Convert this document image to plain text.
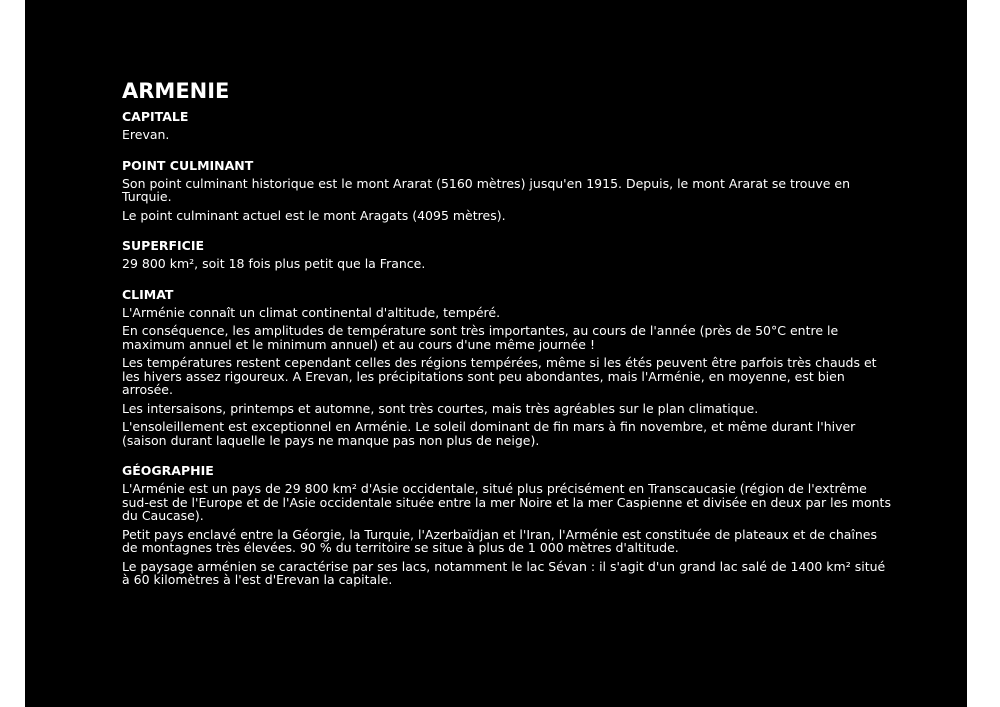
ARMENIE
CAPITALE

Erevan.

POINT CULMINANT

Son point culminant historique est le mont Ararat (5160 mètres) jusqu'en 1915. Depuis, le mont Ararat se trouve en Turquie.

Le point culminant actuel est le mont Aragats (4095 mètres).

SUPERFICIE

29 800 km², soit 18 fois plus petit que la France.

CLIMAT

L'Arménie connaît un climat continental d'altitude, tempéré.

En conséquence, les amplitudes de température sont très importantes, au cours de l'année (près de 50°C entre le maximum annuel et le minimum annuel) et au cours d'une même journée !

Les températures restent cependant celles des régions tempérées, même si les étés peuvent être parfois très chauds et les hivers assez rigoureux. A Erevan, les précipitations sont peu abondantes, mais l'Arménie, en moyenne, est bien arrosée.

Les intersaisons, printemps et automne, sont très courtes, mais très agréables sur le plan climatique.

L'ensoleillement est exceptionnel en Arménie. Le soleil dominant de fin mars à fin novembre, et même durant l'hiver (saison durant laquelle le pays ne manque pas non plus de neige).

GÉOGRAPHIE

L'Arménie est un pays de 29 800 km² d'Asie occidentale, situé plus précisément en Transcaucasie (région de l'extrême sud-est de l'Europe et de l'Asie occidentale située entre la mer Noire et la mer Caspienne et divisée en deux par les monts du Caucase).

Petit pays enclavé entre la Géorgie, la Turquie, l'Azerbaïdjan et l'Iran, l'Arménie est constituée de plateaux et de chaînes de montagnes très élevées. 90 % du territoire se situe à plus de 1 000 mètres d'altitude.

Le paysage arménien se caractérise par ses lacs, notamment le lac Sévan : il s'agit d'un grand lac salé de 1400 km² situé à 60 kilomètres à l'est d'Erevan la capitale.
